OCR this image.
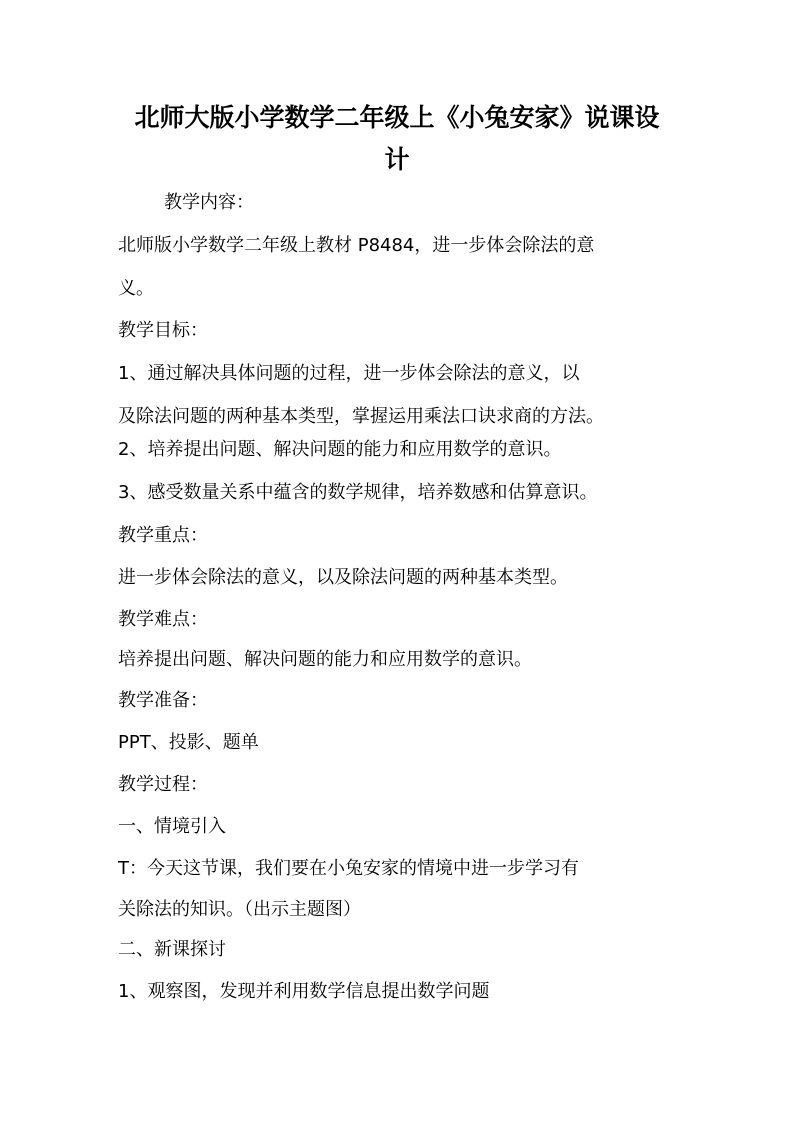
北师大版小学数学二年级上《小兔安家》说课设
计

教学内容：

北师版小学数学二年级上教材 P8484，进一步体会除法的意

义。

教学目标：

1、通过解决具体问题的过程，进一步体会除法的意义，以

及除法问题的两种基本类型，掌握运用乘法口诀求商的方法。

2、培养提出问题、解决问题的能力和应用数学的意识。

3、感受数量关系中蕴含的数学规律，培养数感和估算意识。

教学重点：

进一步体会除法的意义，以及除法问题的两种基本类型。

教学难点：

培养提出问题、解决问题的能力和应用数学的意识。

教学准备：

PPT、投影、题单

教学过程：

一、情境引入

T：今天这节课，我们要在小兔安家的情境中进一步学习有

关除法的知识。（出示主题图）

二、新课探讨

1、观察图，发现并利用数学信息提出数学问题
